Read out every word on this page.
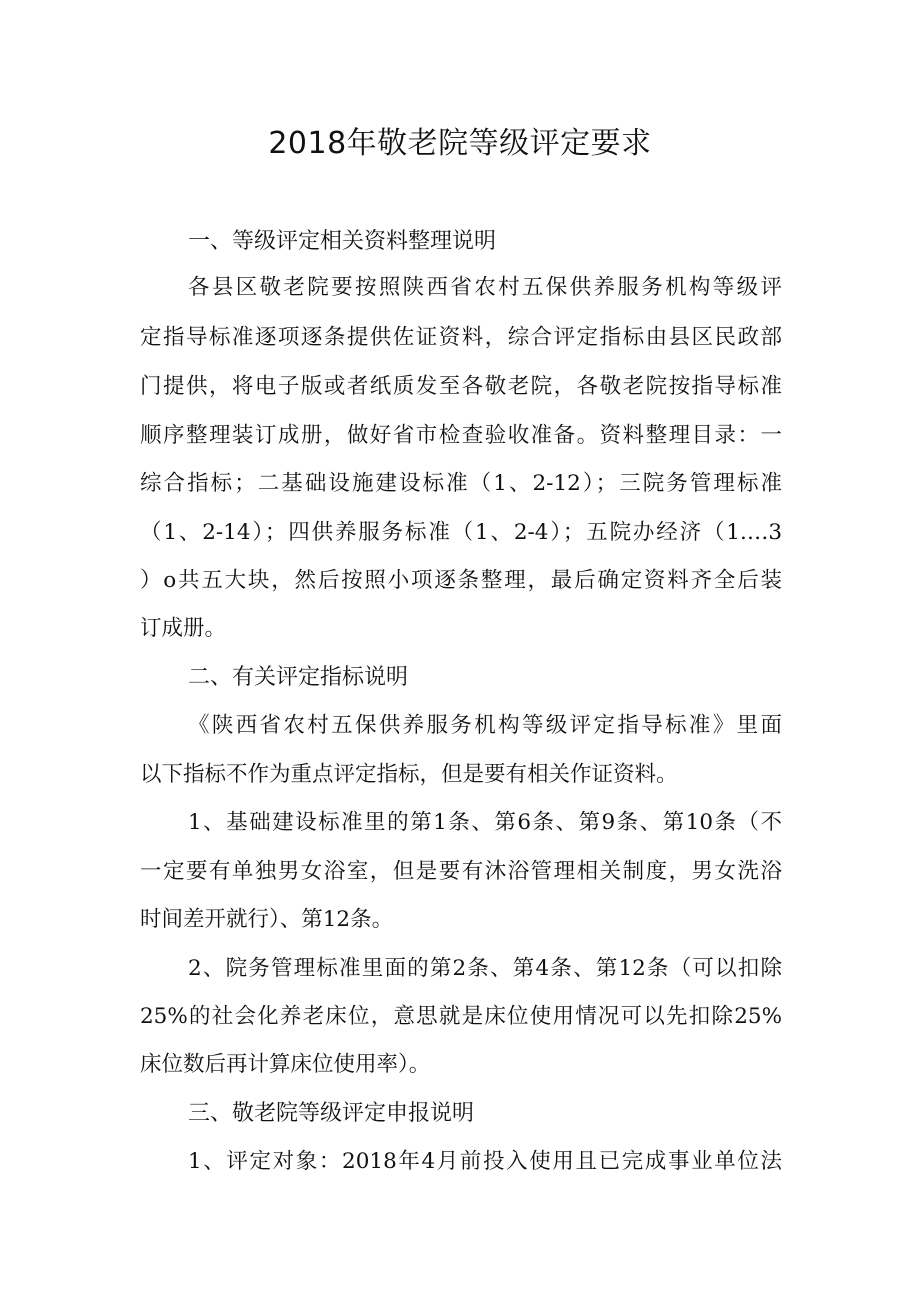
2018年敬老院等级评定要求
一、等级评定相关资料整理说明
各县区敬老院要按照陕西省农村五保供养服务机构等级评
定指导标准逐项逐条提供佐证资料，综合评定指标由县区民政部
门提供，将电子版或者纸质发至各敬老院，各敬老院按指导标准
顺序整理装订成册，做好省市检查验收准备。资料整理目录：一
综合指标；二基础设施建设标准（1、2-12）；三院务管理标准
（1、2-14）；四供养服务标准（1、2-4）；五院办经济（1.…3
）o共五大块，然后按照小项逐条整理，最后确定资料齐全后装
订成册。
二、有关评定指标说明
《陕西省农村五保供养服务机构等级评定指导标准》里面
以下指标不作为重点评定指标，但是要有相关作证资料。
1、基础建设标准里的第1条、第6条、第9条、第10条（不
一定要有单独男女浴室，但是要有沐浴管理相关制度，男女洗浴
时间差开就行）、第12条。
2、院务管理标准里面的第2条、第4条、第12条（可以扣除
25%的社会化养老床位，意思就是床位使用情况可以先扣除25%
床位数后再计算床位使用率）。
三、敬老院等级评定申报说明
1、评定对象：2018年4月前投入使用且已完成事业单位法
